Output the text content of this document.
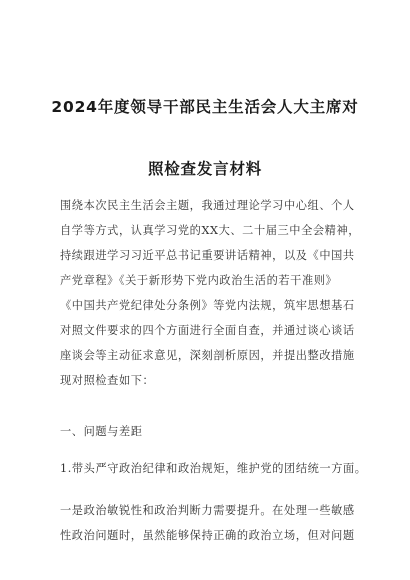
2024年度领导干部民主生活会人大主席对
照检查发言材料
围绕本次民主生活会主题，我通过理论学习中心组、个人
自学等方式，认真学习党的XX大、二十届三中全会精神，
持续跟进学习习近平总书记重要讲话精神，以及《中国共
产党章程》《关于新形势下党内政治生活的若干准则》
《中国共产党纪律处分条例》等党内法规，筑牢思想基石
对照文件要求的四个方面进行全面自查，并通过谈心谈话
座谈会等主动征求意见，深刻剖析原因，并提出整改措施
现对照检查如下：
一、问题与差距
1.带头严守政治纪律和政治规矩，维护党的团结统一方面。
一是政治敏锐性和政治判断力需要提升。在处理一些敏感
性政治问题时，虽然能够保持正确的政治立场，但对问题
